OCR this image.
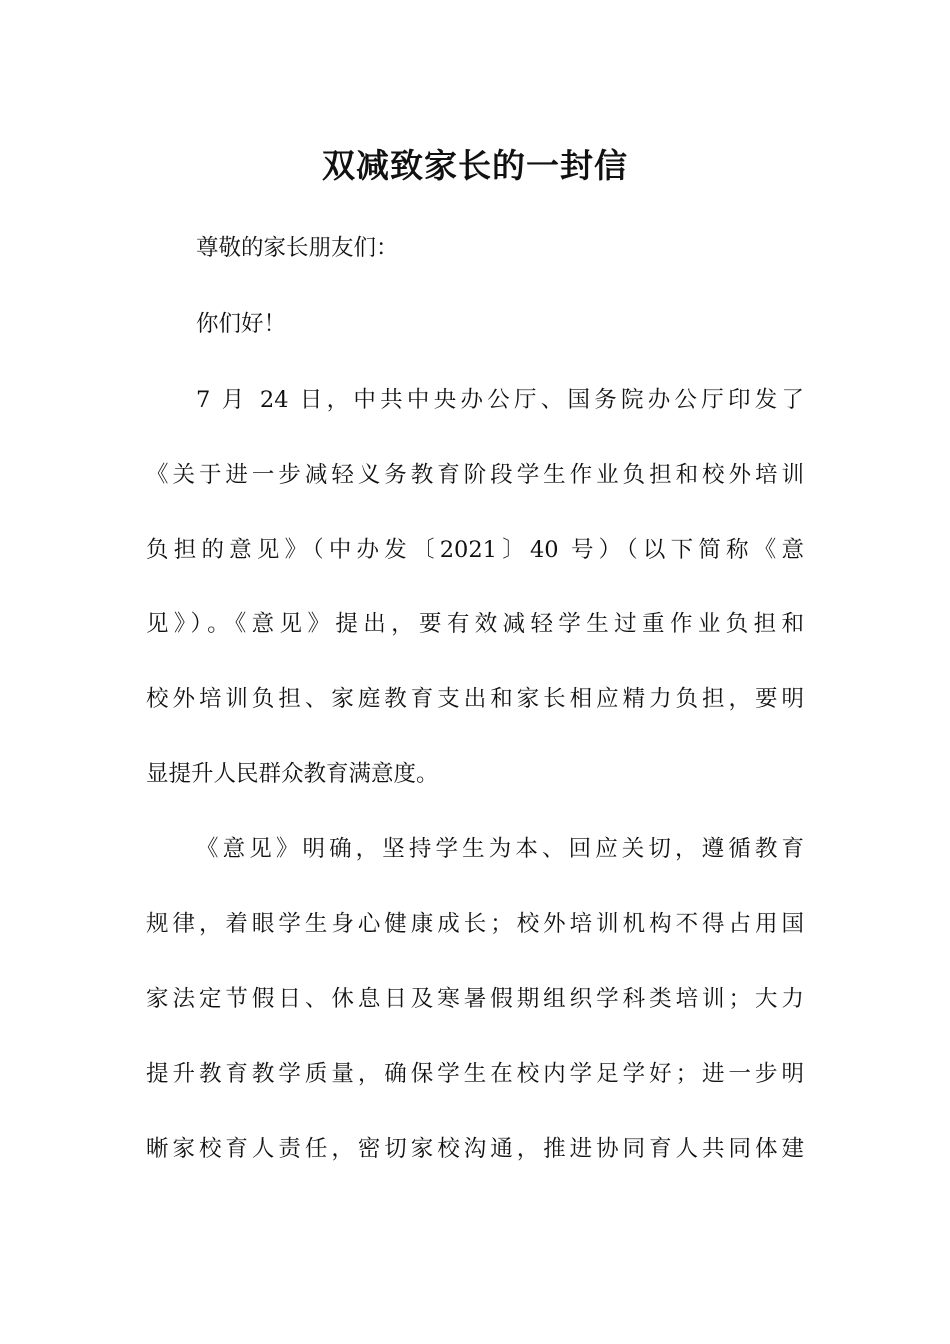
双减致家长的一封信

尊敬的家长朋友们：

你们好！

7 月 24 日，中共中央办公厅、国务院办公厅印发了

《关于进一步减轻义务教育阶段学生作业负担和校外培训

负担的意见》（中办发〔2021〕40 号）（以下简称《意

见》）。《意见》提出，要有效减轻学生过重作业负担和

校外培训负担、家庭教育支出和家长相应精力负担，要明

显提升人民群众教育满意度。

《意见》明确，坚持学生为本、回应关切，遵循教育

规律，着眼学生身心健康成长；校外培训机构不得占用国

家法定节假日、休息日及寒暑假期组织学科类培训；大力

提升教育教学质量，确保学生在校内学足学好；进一步明

晰家校育人责任，密切家校沟通，推进协同育人共同体建
